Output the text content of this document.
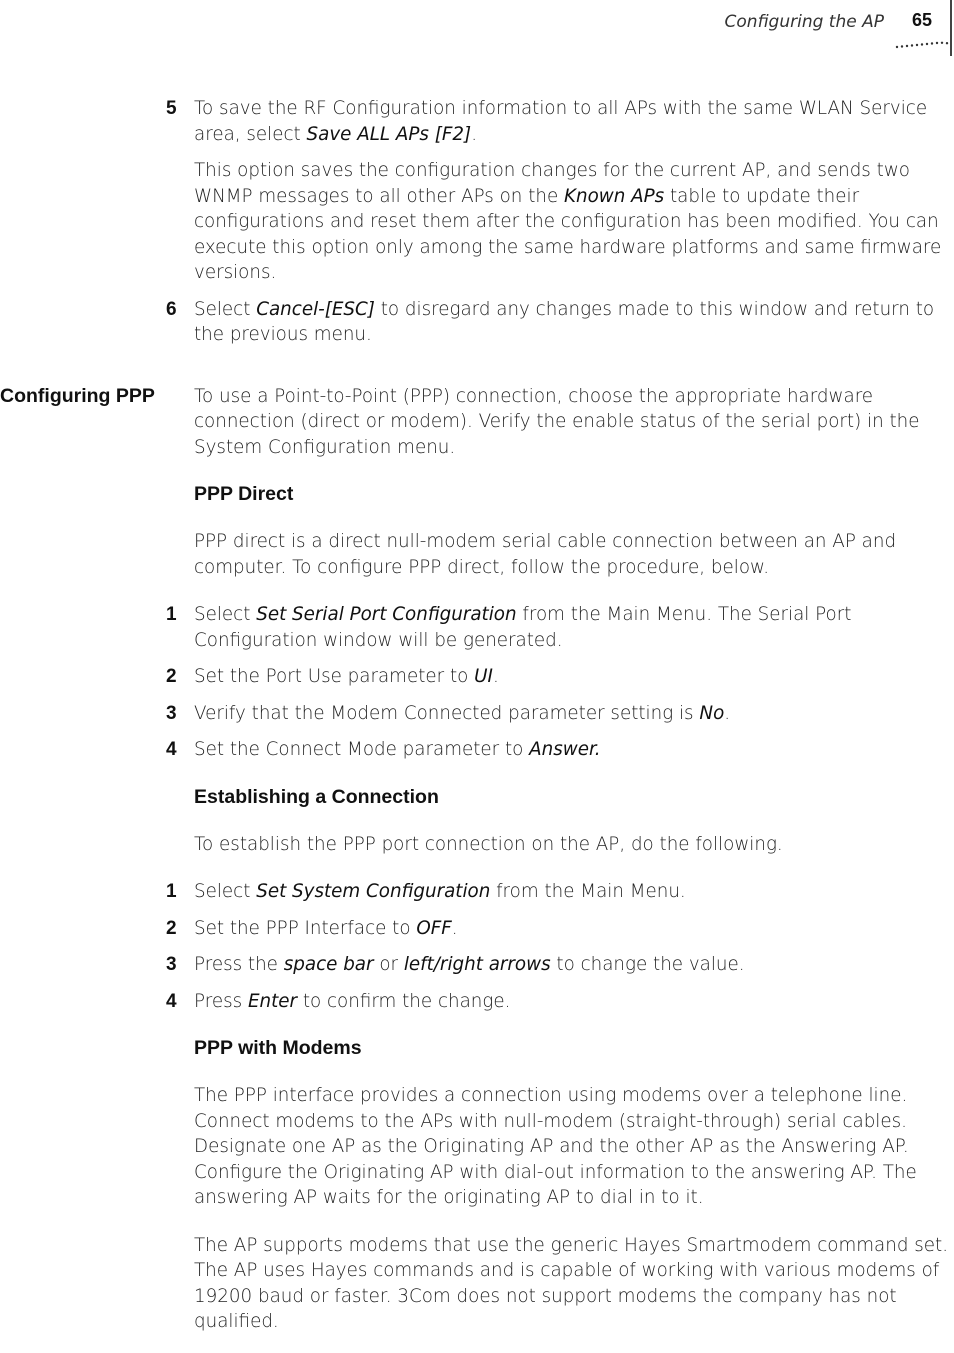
Configuring the AP 65
5 To save the RF Configuration information to all APs with the same WLAN Service area, select Save ALL APs [F2].

This option saves the configuration changes for the current AP, and sends two WNMP messages to all other APs on the Known APs table to update their configurations and reset them after the configuration has been modified. You can execute this option only among the same hardware platforms and same firmware versions.

6 Select Cancel-[ESC] to disregard any changes made to this window and return to the previous menu.

Configuring PPP To use a Point-to-Point (PPP) connection, choose the appropriate hardware connection (direct or modem). Verify the enable status of the serial port) in the System Configuration menu.

PPP Direct

PPP direct is a direct null-modem serial cable connection between an AP and computer. To configure PPP direct, follow the procedure, below.

1 Select Set Serial Port Configuration from the Main Menu. The Serial Port Configuration window will be generated.

2 Set the Port Use parameter to UI.

3 Verify that the Modem Connected parameter setting is No.

4 Set the Connect Mode parameter to Answer.

Establishing a Connection

To establish the PPP port connection on the AP, do the following.

1 Select Set System Configuration from the Main Menu.

2 Set the PPP Interface to OFF.

3 Press the space bar or left/right arrows to change the value.

4 Press Enter to confirm the change.

PPP with Modems

The PPP interface provides a connection using modems over a telephone line. Connect modems to the APs with null-modem (straight-through) serial cables. Designate one AP as the Originating AP and the other AP as the Answering AP. Configure the Originating AP with dial-out information to the answering AP. The answering AP waits for the originating AP to dial in to it.

The AP supports modems that use the generic Hayes Smartmodem command set. The AP uses Hayes commands and is capable of working with various modems of 19200 baud or faster. 3Com does not support modems the company has not qualified.
